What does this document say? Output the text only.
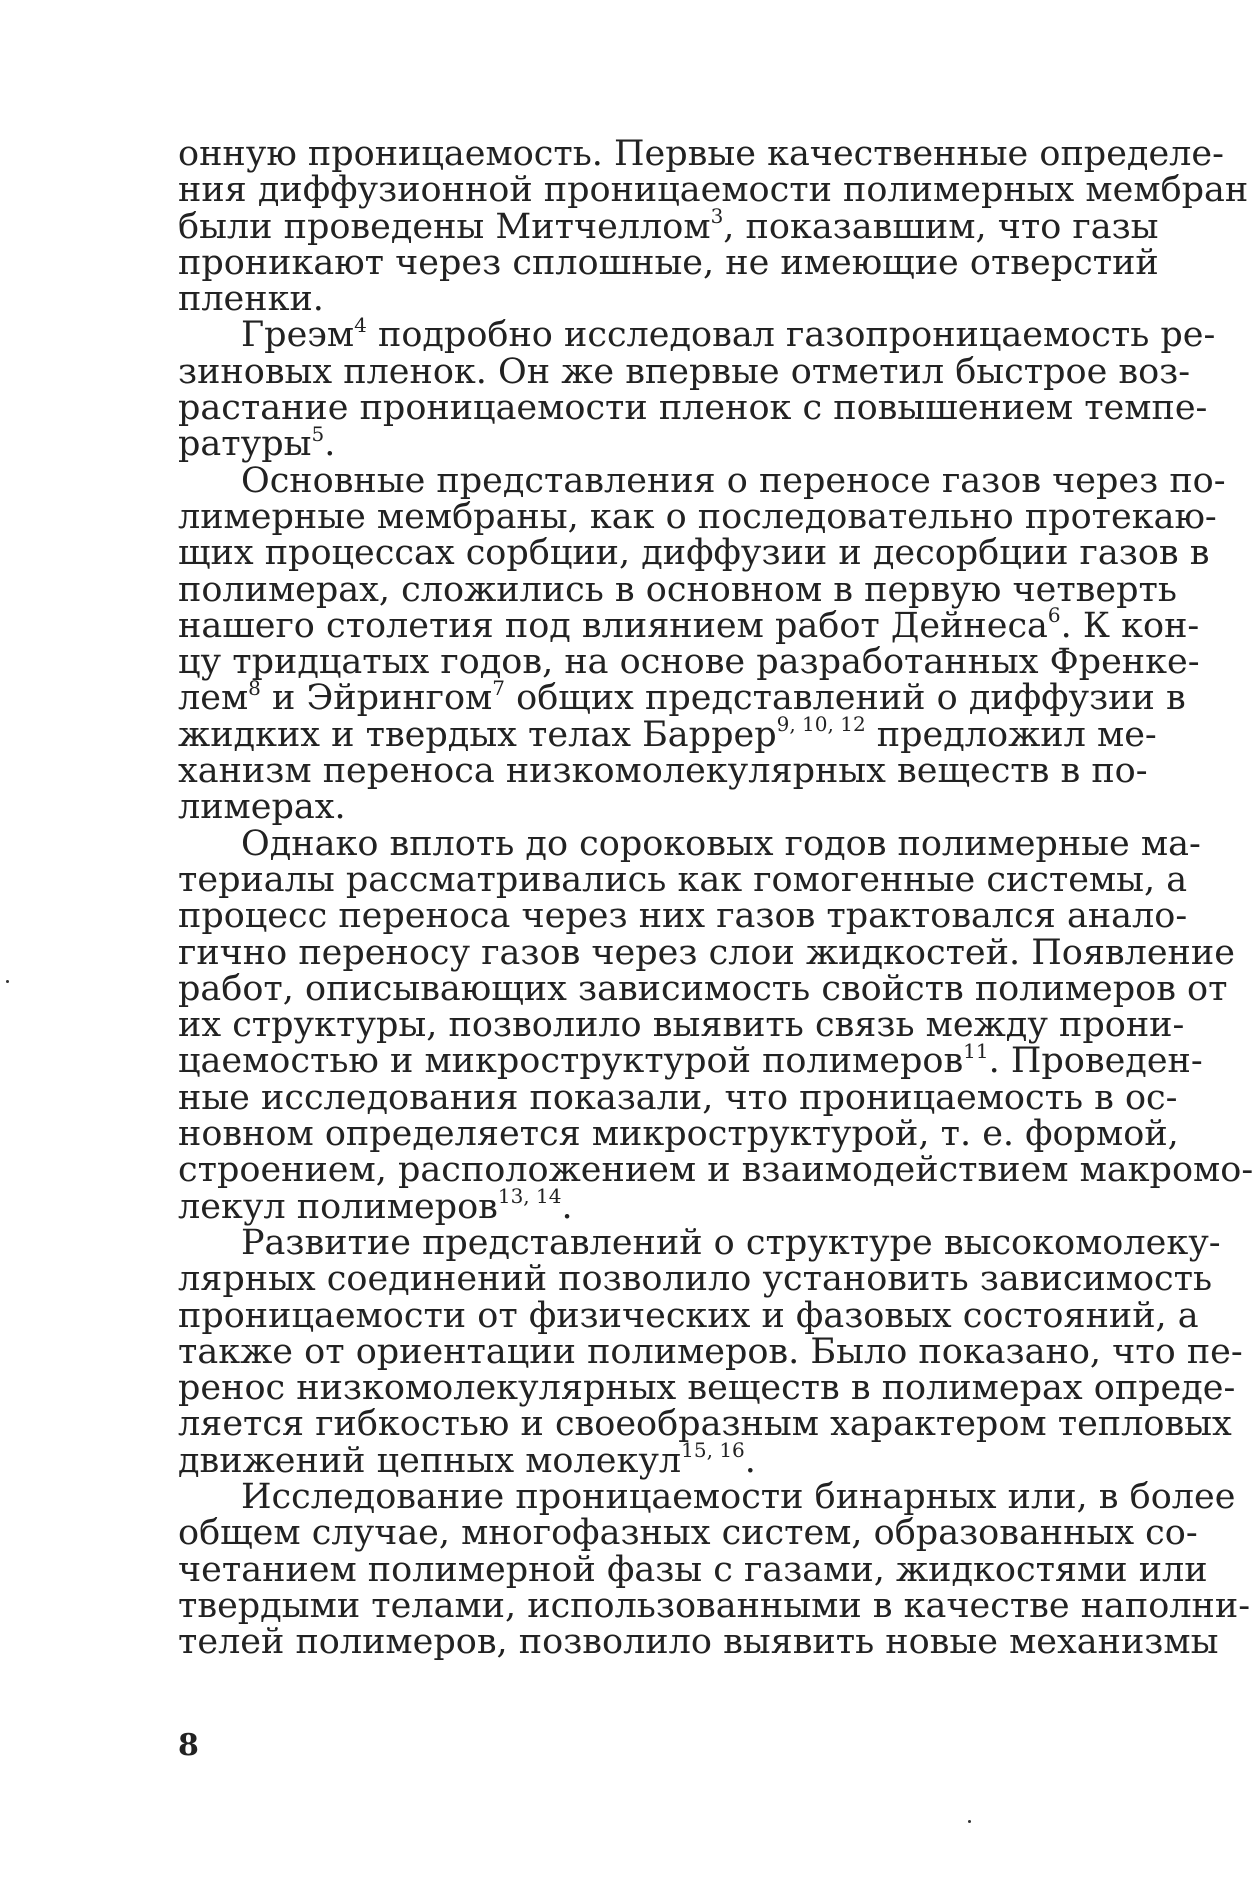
онную проницаемость. Первые качественные определе-
ния диффузионной проницаемости полимерных мембран
были проведены Митчеллом$^3$, показавшим, что газы
проникают через сплошные, не имеющие отверстий
пленки.
Греэм$^4$ подробно исследовал газопроницаемость ре-
зиновых пленок. Он же впервые отметил быстрое воз-
растание проницаемости пленок с повышением темпе-
ратуры$^5$.
Основные представления о переносе газов через по-
лимерные мембраны, как о последовательно протекаю-
щих процессах сорбции, диффузии и десорбции газов в
полимерах, сложились в основном в первую четверть
нашего столетия под влиянием работ Дейнеса$^6$. К кон-
цу тридцатых годов, на основе разработанных Френке-
лем$^8$ и Эйрингом$^7$ общих представлений о диффузии в
жидких и твердых телах Баррер$^{9, 10, 12}$ предложил ме-
ханизм переноса низкомолекулярных веществ в по-
лимерах.
Однако вплоть до сороковых годов полимерные ма-
териалы рассматривались как гомогенные системы, а
процесс переноса через них газов трактовался анало-
гично переносу газов через слои жидкостей. Появление
работ, описывающих зависимость свойств полимеров от
их структуры, позволило выявить связь между прони-
цаемостью и микроструктурой полимеров$^{11}$. Проведен-
ные исследования показали, что проницаемость в ос-
новном определяется микроструктурой, т. е. формой,
строением, расположением и взаимодействием макромо-
лекул полимеров$^{13, 14}$.
Развитие представлений о структуре высокомолеку-
лярных соединений позволило установить зависимость
проницаемости от физических и фазовых состояний, а
также от ориентации полимеров. Было показано, что пе-
ренос низкомолекулярных веществ в полимерах опреде-
ляется гибкостью и своеобразным характером тепловых
движений цепных молекул$^{15, 16}$.
Исследование проницаемости бинарных или, в более
общем случае, многофазных систем, образованных со-
четанием полимерной фазы с газами, жидкостями или
твердыми телами, использованными в качестве наполни-
телей полимеров, позволило выявить новые механизмы
8
